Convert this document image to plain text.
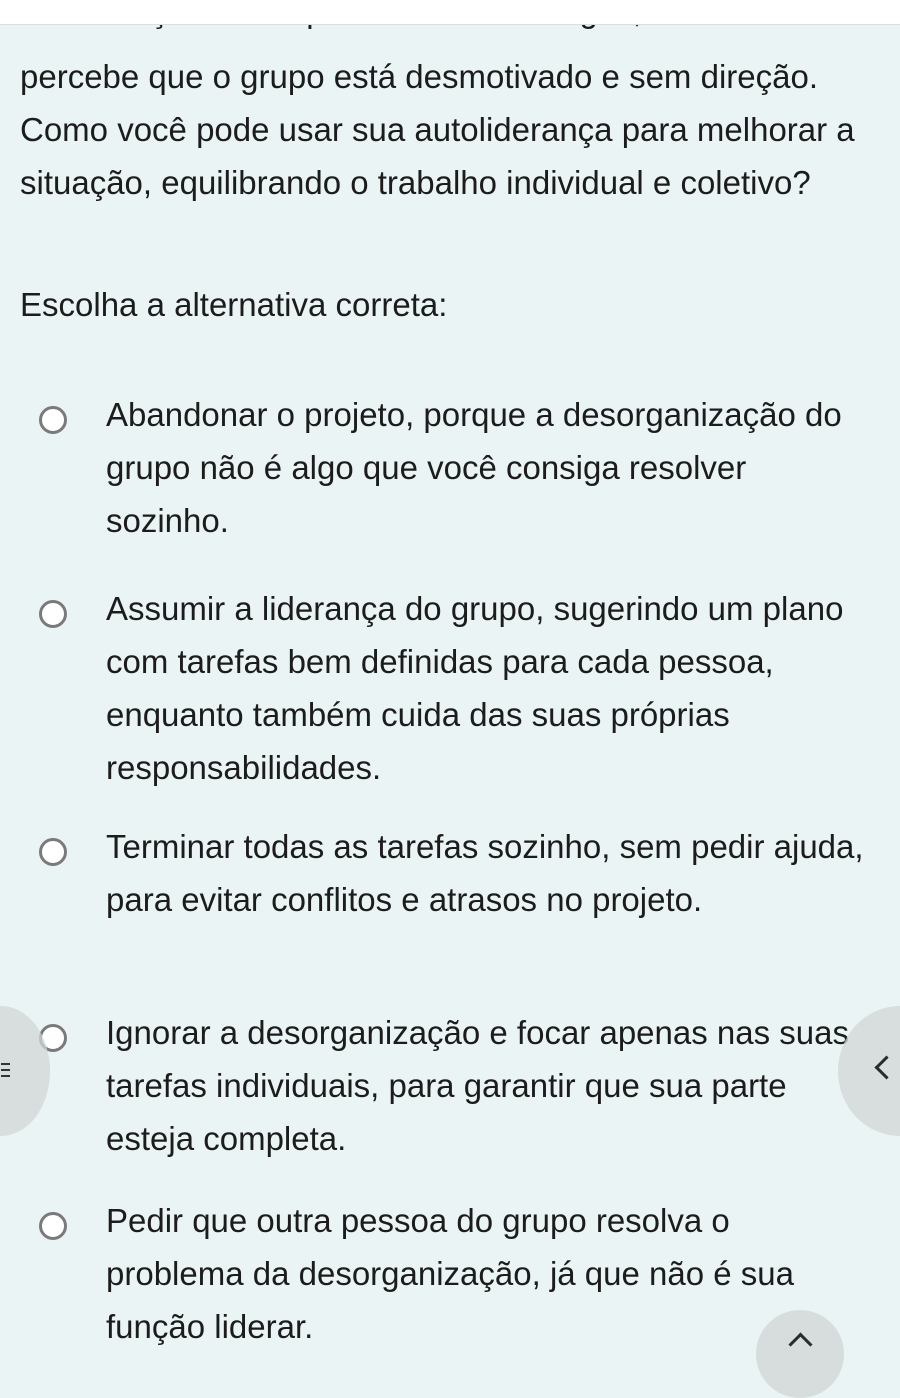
percebe que o grupo está desmotivado e sem direção. Como você pode usar sua autoliderança para melhorar a situação, equilibrando o trabalho individual e coletivo?

Escolha a alternativa correta:

Abandonar o projeto, porque a desorganização do grupo não é algo que você consiga resolver sozinho.

Assumir a liderança do grupo, sugerindo um plano com tarefas bem definidas para cada pessoa, enquanto também cuida das suas próprias responsabilidades.

Terminar todas as tarefas sozinho, sem pedir ajuda, para evitar conflitos e atrasos no projeto.

Ignorar a desorganização e focar apenas nas suas tarefas individuais, para garantir que sua parte esteja completa.

Pedir que outra pessoa do grupo resolva o problema da desorganização, já que não é sua função liderar.
